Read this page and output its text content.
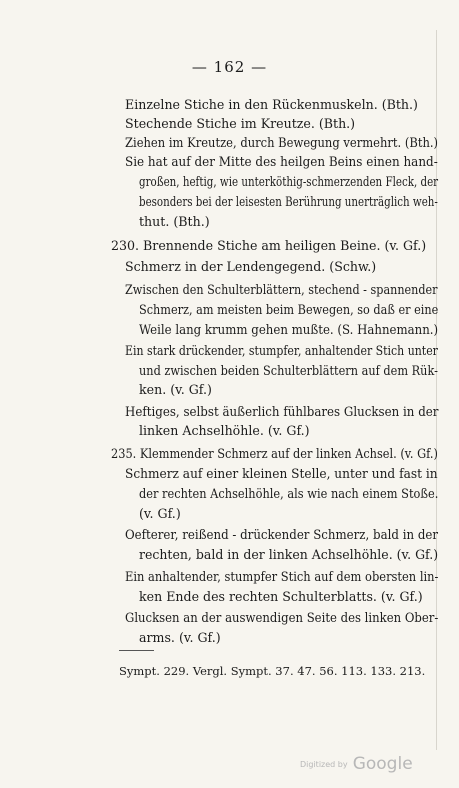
— 162 —
Einzelne Stiche in den Rückenmuskeln. (Bth.)
Stechende Stiche im Kreutze. (Bth.)
Ziehen im Kreutze, durch Bewegung vermehrt. (Bth.)
Sie hat auf der Mitte des heilgen Beins einen hand-
großen, heftig, wie unterköthig-schmerzenden Fleck, der
besonders bei der leisesten Berührung unerträglich weh-
thut. (Bth.)
230. Brennende Stiche am heiligen Beine. (v. Gf.)
Schmerz in der Lendengegend. (Schw.)
Zwischen den Schulterblättern, stechend - spannender
Schmerz, am meisten beim Bewegen, so daß er eine
Weile lang krumm gehen mußte. (S. Hahnemann.)
Ein stark drückender, stumpfer, anhaltender Stich unter
und zwischen beiden Schulterblättern auf dem Rük-
ken. (v. Gf.)
Heftiges, selbst äußerlich fühlbares Glucksen in der
linken Achselhöhle. (v. Gf.)
235. Klemmender Schmerz auf der linken Achsel. (v. Gf.)
Schmerz auf einer kleinen Stelle, unter und fast in
der rechten Achselhöhle, als wie nach einem Stoße.
(v. Gf.)
Oefterer, reißend - drückender Schmerz, bald in der
rechten, bald in der linken Achselhöhle. (v. Gf.)
Ein anhaltender, stumpfer Stich auf dem obersten lin-
ken Ende des rechten Schulterblatts. (v. Gf.)
Glucksen an der auswendigen Seite des linken Ober-
arms. (v. Gf.)
Sympt. 229. Vergl. Sympt. 37. 47. 56. 113. 133. 213.
Digitized by Google
